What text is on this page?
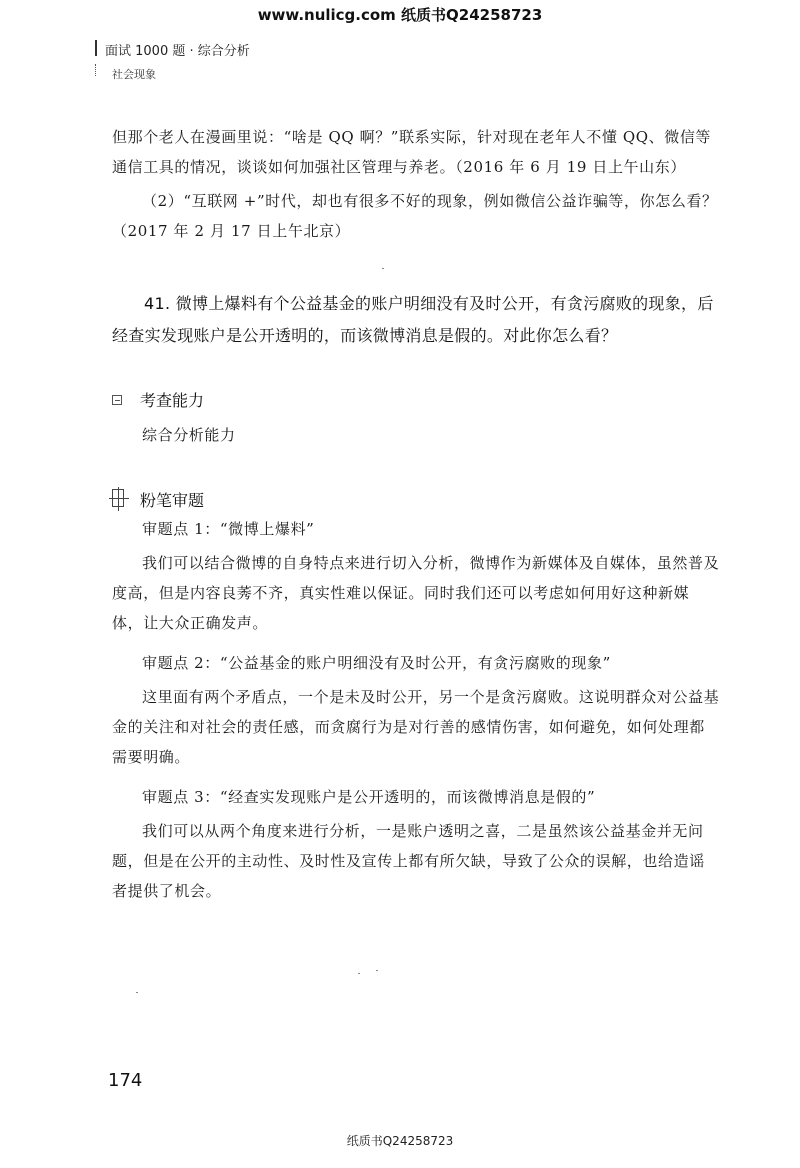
www.nulicg.com 纸质书Q24258723
面试 1000 题 · 综合分析
社会现象
但那个老人在漫画里说：“啥是 QQ 啊？”联系实际，针对现在老年人不懂 QQ、微信等通信工具的情况，谈谈如何加强社区管理与养老。（2016 年 6 月 19 日上午山东）
（2）“互联网 +”时代，却也有很多不好的现象，例如微信公益诈骗等，你怎么看？（2017 年 2 月 17 日上午北京）
41. 微博上爆料有个公益基金的账户明细没有及时公开，有贪污腐败的现象，后经查实发现账户是公开透明的，而该微博消息是假的。对此你怎么看？
考查能力
综合分析能力
粉笔审题
审题点 1：“微博上爆料”
我们可以结合微博的自身特点来进行切入分析，微博作为新媒体及自媒体，虽然普及度高，但是内容良莠不齐，真实性难以保证。同时我们还可以考虑如何用好这种新媒体，让大众正确发声。
审题点 2：“公益基金的账户明细没有及时公开，有贪污腐败的现象”
这里面有两个矛盾点，一个是未及时公开，另一个是贪污腐败。这说明群众对公益基金的关注和对社会的责任感，而贪腐行为是对行善的感情伤害，如何避免，如何处理都需要明确。
审题点 3：“经查实发现账户是公开透明的，而该微博消息是假的”
我们可以从两个角度来进行分析，一是账户透明之喜，二是虽然该公益基金并无问题，但是在公开的主动性、及时性及宣传上都有所欠缺，导致了公众的误解，也给造谣者提供了机会。
174
纸质书Q24258723
